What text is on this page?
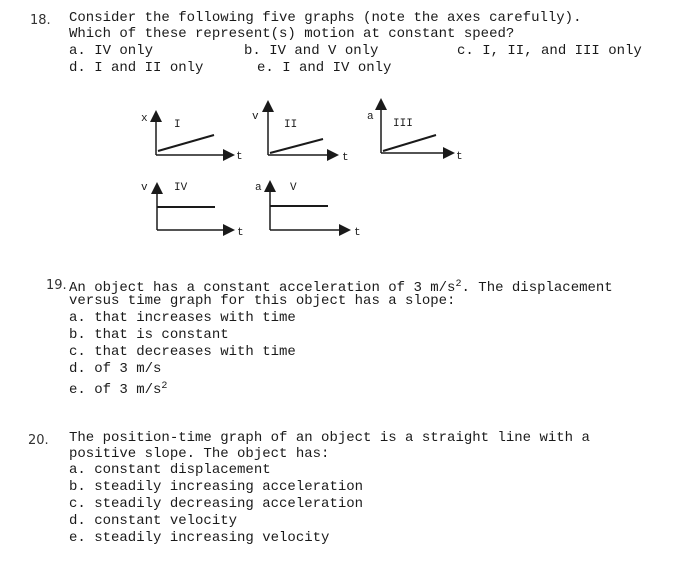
18. Consider the following five graphs (note the axes carefully).
Which of these represent(s) motion at constant speed?
a. IV only	b. IV and V only	c. I, II, and III only
d. I and II only	e. I and IV only
x
t
I
v
t
II
a
t
III
v
t
IV	a
t
V
19. An object has a constant acceleration of 3 $m/s^2$. The displacement
versus time graph for this object has a slope:
a. that increases with time
b. that is constant
c. that decreases with time
d. of 3 m/s
e. of 3 $m/s^2$
20. The position-time graph of an object is a straight line with a
positive slope. The object has:
a. constant displacement
b. steadily increasing acceleration
c. steadily decreasing acceleration
d. constant velocity
e. steadily increasing velocity
